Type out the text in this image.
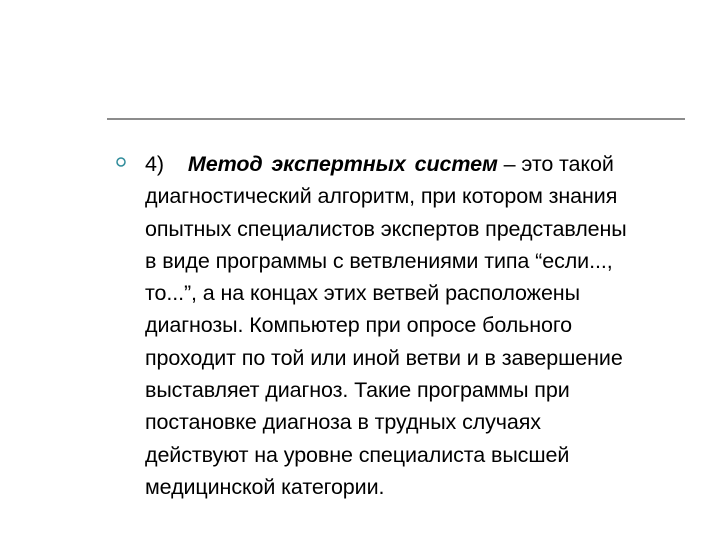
4) Метод экспертных систем – это такой
диагностический алгоритм, при котором знания
опытных специалистов экспертов представлены
в виде программы с ветвлениями типа “если...,
то...”, а на концах этих ветвей расположены
диагнозы. Компьютер при опросе больного
проходит по той или иной ветви и в завершение
выставляет диагноз. Такие программы при
постановке диагноза в трудных случаях
действуют на уровне специалиста высшей
медицинской категории.
